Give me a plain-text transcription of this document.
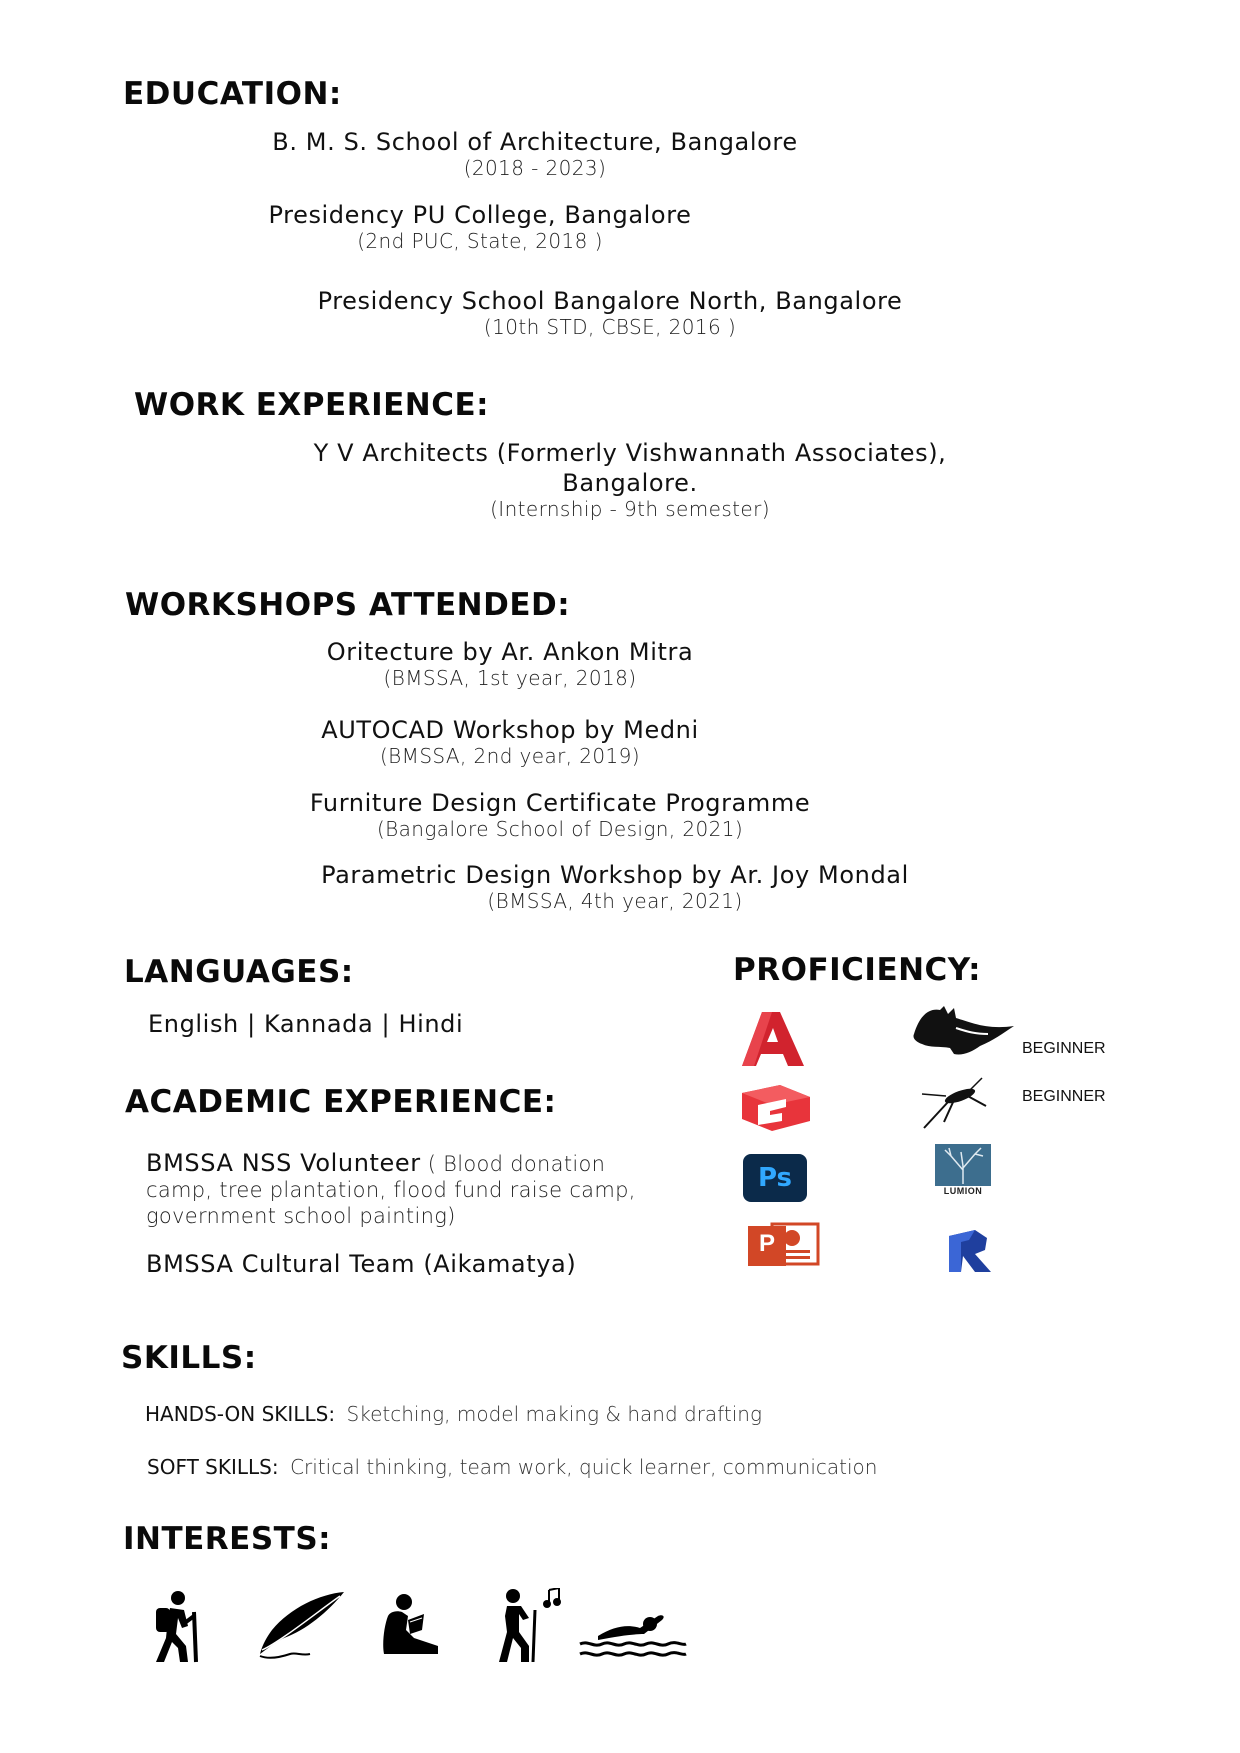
EDUCATION:
B. M. S. School of Architecture, Bangalore
(2018 - 2023)
Presidency PU College, Bangalore
(2nd PUC, State, 2018 )
Presidency School Bangalore North, Bangalore
(10th STD, CBSE, 2016 )
WORK EXPERIENCE:
Y V Architects (Formerly Vishwannath Associates),
Bangalore.
(Internship - 9th semester)
WORKSHOPS ATTENDED:
Oritecture by Ar. Ankon Mitra
(BMSSA, 1st year, 2018)
AUTOCAD Workshop by Medni
(BMSSA, 2nd year, 2019)
Furniture Design Certificate Programme
(Bangalore School of Design, 2021)
Parametric Design Workshop by Ar. Joy Mondal
(BMSSA, 4th year, 2021)
LANGUAGES:
English | Kannada | Hindi
ACADEMIC EXPERIENCE:
BMSSA NSS Volunteer ( Blood donation camp, tree plantation, flood fund raise camp, government school painting)
BMSSA Cultural Team (Aikamatya)
PROFICIENCY:
BEGINNER
BEGINNER
Ps	LUMION
P
SKILLS:
HANDS-ON SKILLS:  Sketching, model making & hand drafting
SOFT SKILLS:  Critical thinking, team work, quick learner, communication
INTERESTS:
